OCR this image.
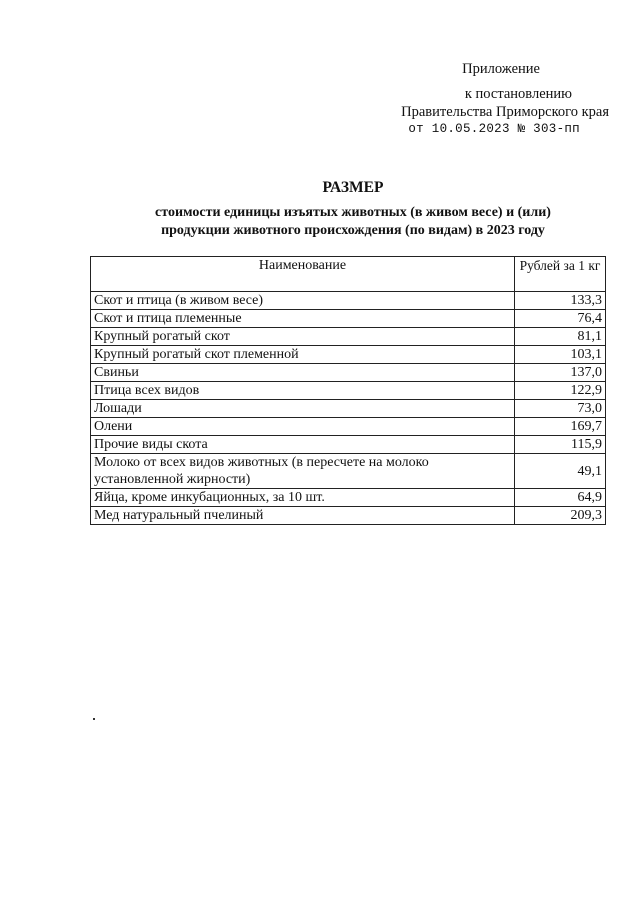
Приложение
к постановлению
Правительства Приморского края
от 10.05.2023 № 303-пп
РАЗМЕР
стоимости единицы изъятых животных (в живом весе) и (или)
продукции животного происхождения (по видам) в 2023 году
Наименование	Рублей за 1 кг
Скот и птица (в живом весе)	133,3
Скот и птица племенные	76,4
Крупный рогатый скот	81,1
Крупный рогатый скот племенной	103,1
Свиньи	137,0
Птица всех видов	122,9
Лошади	73,0
Олени	169,7
Прочие виды скота	115,9
Молоко от всех видов животных (в пересчете на молоко установленной жирности)	49,1
Яйца, кроме инкубационных, за 10 шт.	64,9
Мед натуральный пчелиный	209,3
